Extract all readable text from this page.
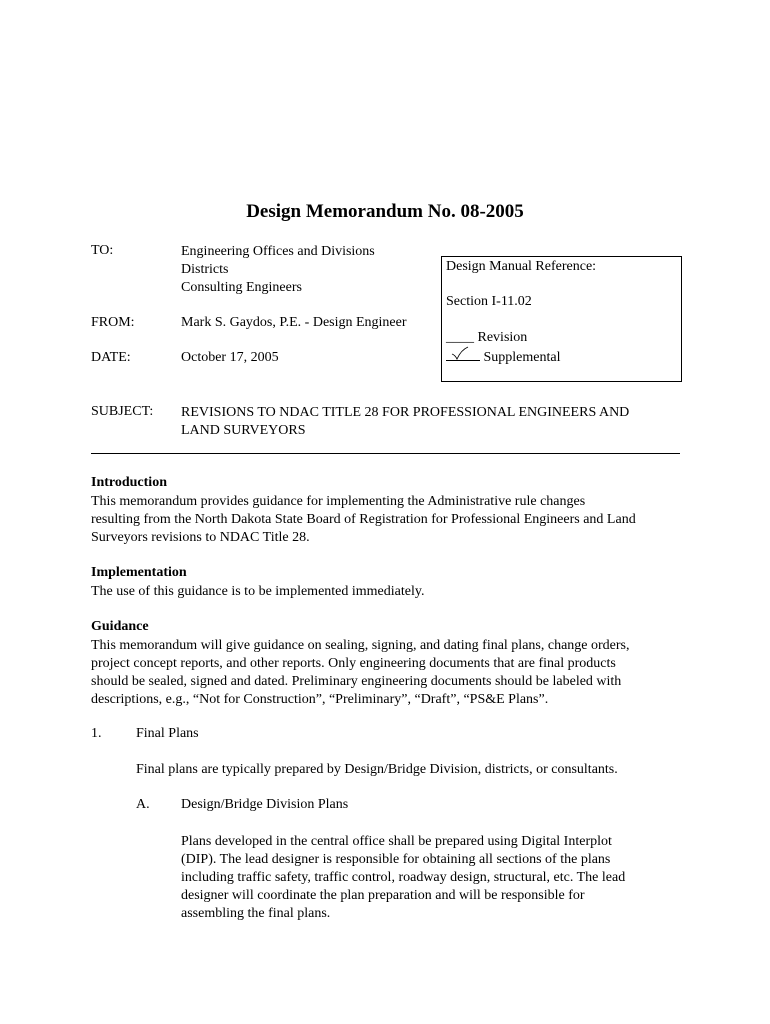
Design Memorandum No. 08-2005
TO:	Engineering Offices and Divisions
Districts
Consulting Engineers
FROM:	Mark S. Gaydos, P.E. - Design Engineer
DATE:	October 17, 2005
Design Manual Reference:
Section I-11.02
____ Revision
Supplemental
SUBJECT: REVISIONS TO NDAC TITLE 28 FOR PROFESSIONAL ENGINEERS AND
LAND SURVEYORS
Introduction
This memorandum provides guidance for implementing the Administrative rule changes
resulting from the North Dakota State Board of Registration for Professional Engineers and Land
Surveyors revisions to NDAC Title 28.
Implementation
The use of this guidance is to be implemented immediately.
Guidance
This memorandum will give guidance on sealing, signing, and dating final plans, change orders,
project concept reports, and other reports. Only engineering documents that are final products
should be sealed, signed and dated. Preliminary engineering documents should be labeled with
descriptions, e.g., “Not for Construction”, “Preliminary”, “Draft”, “PS&E Plans”.
1. Final Plans
Final plans are typically prepared by Design/Bridge Division, districts, or consultants.
A. Design/Bridge Division Plans
Plans developed in the central office shall be prepared using Digital Interplot
(DIP). The lead designer is responsible for obtaining all sections of the plans
including traffic safety, traffic control, roadway design, structural, etc. The lead
designer will coordinate the plan preparation and will be responsible for
assembling the final plans.
